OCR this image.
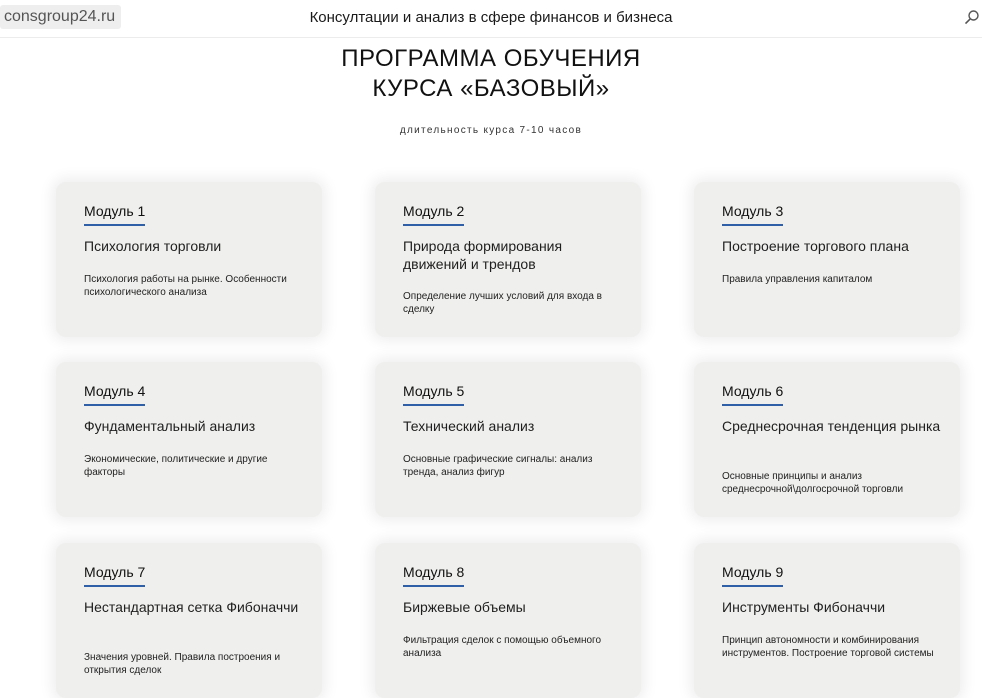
Консултации и анализ в сфере финансов и бизнеса
consgroup24.ru
ПРОГРАММА ОБУЧЕНИЯ
КУРСА «БАЗОВЫЙ»
длительность курса 7-10 часов
Модуль 1
Психология торговли
Психология работы на рынке. Особенности психологического анализа
Модуль 2
Природа формирования движений и трендов
Определение лучших условий для входа в сделку
Модуль 3
Построение торгового плана
Правила управления капиталом
Модуль 4
Фундаментальный анализ
Экономические, политические и другие факторы
Модуль 5
Технический анализ
Основные графические сигналы: анализ тренда, анализ фигур
Модуль 6
Среднесрочная тенденция рынка
Основные принципы и анализ среднесрочной\долгосрочной торговли
Модуль 7
Нестандартная сетка Фибоначчи
Значения уровней. Правила построения и открытия сделок
Модуль 8
Биржевые объемы
Фильтрация сделок с помощью объемного анализа
Модуль 9
Инструменты Фибоначчи
Принцип автономности и комбинирования инструментов. Построение торговой системы
